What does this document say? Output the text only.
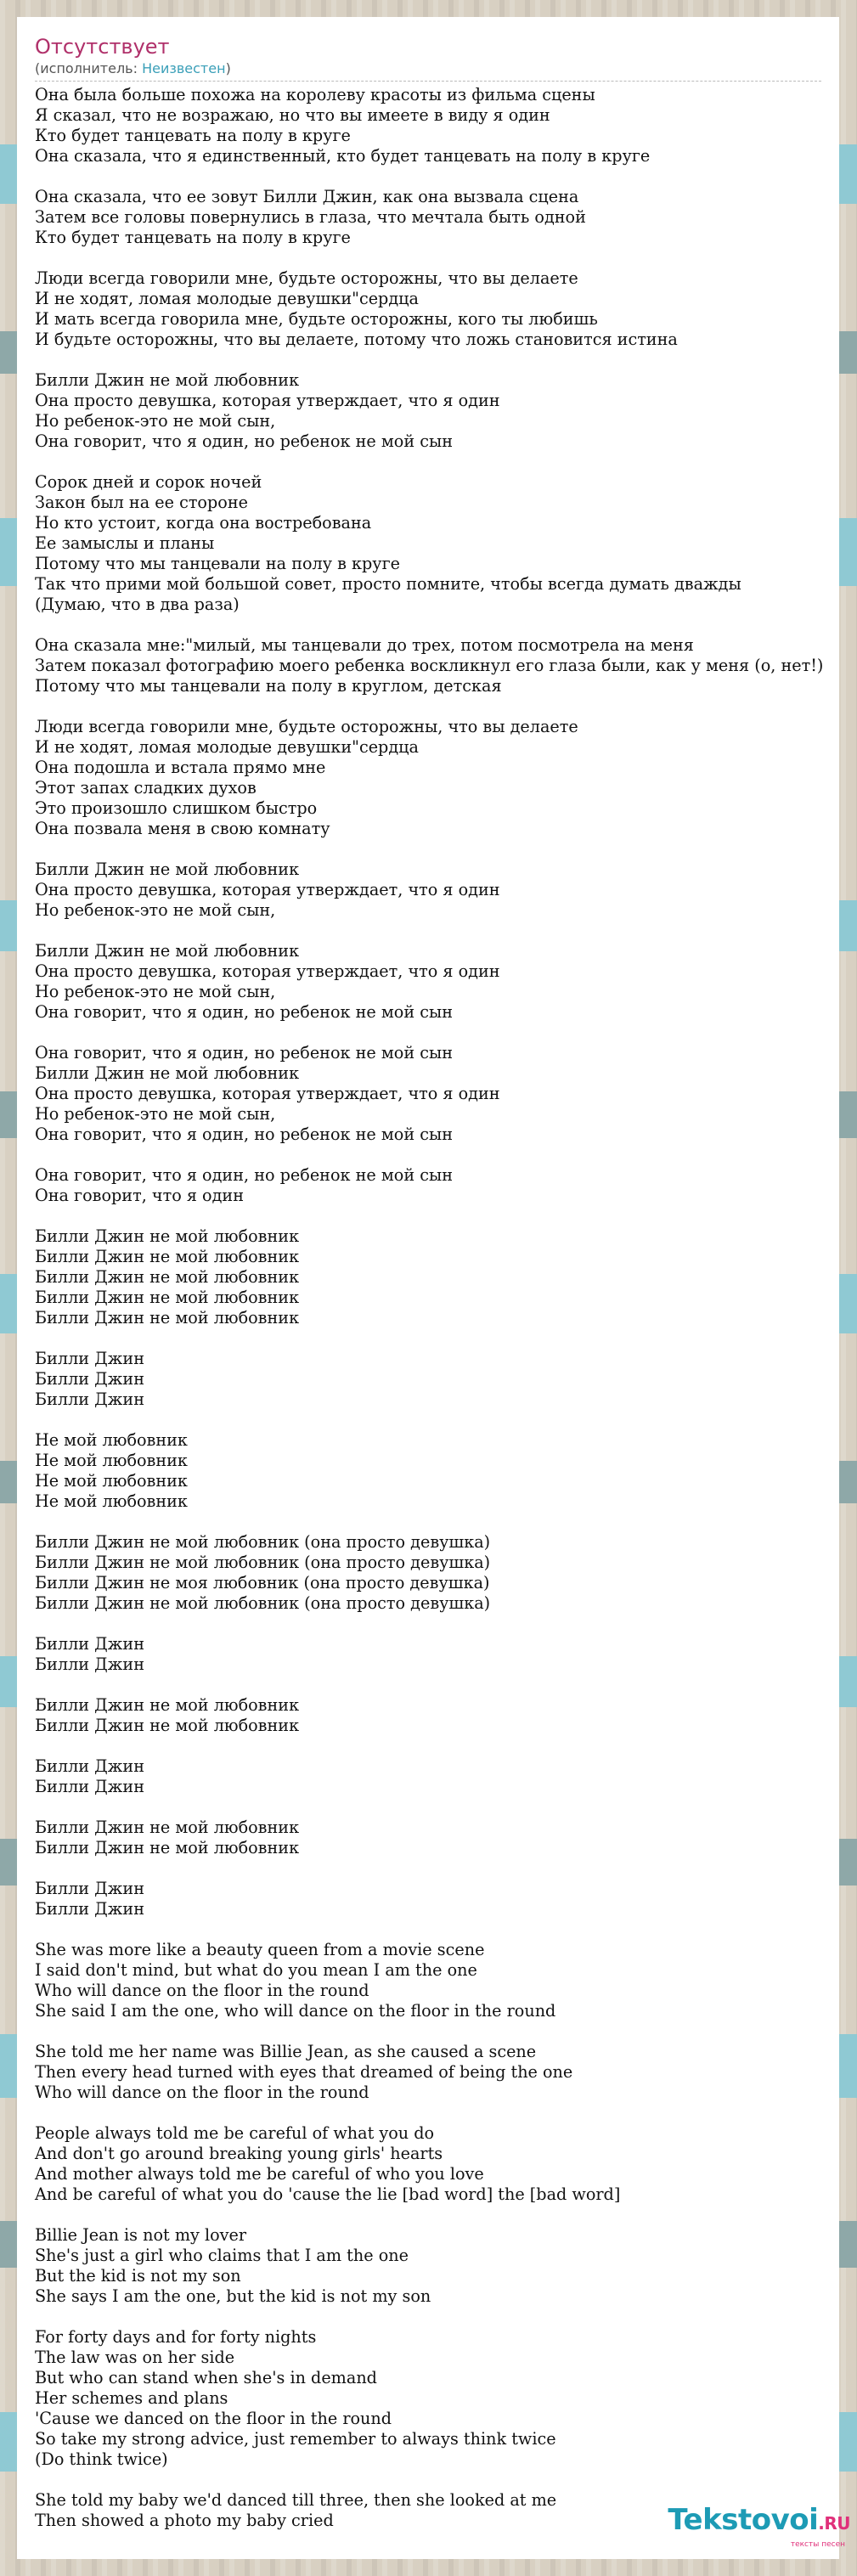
Отсутствует
(исполнитель: Неизвестен)
Она была больше похожа на королеву красоты из фильма сцены
Я сказал, что не возражаю, но что вы имеете в виду я один
Кто будет танцевать на полу в круге
Она сказала, что я единственный, кто будет танцевать на полу в круге
Она сказала, что ее зовут Билли Джин, как она вызвала сцена
Затем все головы повернулись в глаза, что мечтала быть одной
Кто будет танцевать на полу в круге
Люди всегда говорили мне, будьте осторожны, что вы делаете
И не ходят, ломая молодые девушки"сердца
И мать всегда говорила мне, будьте осторожны, кого ты любишь
И будьте осторожны, что вы делаете, потому что ложь становится истина
Билли Джин не мой любовник
Она просто девушка, которая утверждает, что я один
Но ребенок-это не мой сын,
Она говорит, что я один, но ребенок не мой сын
Сорок дней и сорок ночей
Закон был на ее стороне
Но кто устоит, когда она востребована
Ее замыслы и планы
Потому что мы танцевали на полу в круге
Так что прими мой большой совет, просто помните, чтобы всегда думать дважды
(Думаю, что в два раза)
Она сказала мне:"милый, мы танцевали до трех, потом посмотрела на меня
Затем показал фотографию моего ребенка воскликнул его глаза были, как у меня (о, нет!)
Потому что мы танцевали на полу в круглом, детская
Люди всегда говорили мне, будьте осторожны, что вы делаете
И не ходят, ломая молодые девушки"сердца
Она подошла и встала прямо мне
Этот запах сладких духов
Это произошло слишком быстро
Она позвала меня в свою комнату
Билли Джин не мой любовник
Она просто девушка, которая утверждает, что я один
Но ребенок-это не мой сын,
Билли Джин не мой любовник
Она просто девушка, которая утверждает, что я один
Но ребенок-это не мой сын,
Она говорит, что я один, но ребенок не мой сын
Она говорит, что я один, но ребенок не мой сын
Билли Джин не мой любовник
Она просто девушка, которая утверждает, что я один
Но ребенок-это не мой сын,
Она говорит, что я один, но ребенок не мой сын
Она говорит, что я один, но ребенок не мой сын
Она говорит, что я один
Билли Джин не мой любовник
Билли Джин не мой любовник
Билли Джин не мой любовник
Билли Джин не мой любовник
Билли Джин не мой любовник
Билли Джин
Билли Джин
Билли Джин
Не мой любовник
Не мой любовник
Не мой любовник
Не мой любовник
Билли Джин не мой любовник (она просто девушка)
Билли Джин не мой любовник (она просто девушка)
Билли Джин не моя любовник (она просто девушка)
Билли Джин не мой любовник (она просто девушка)
Билли Джин
Билли Джин
Билли Джин не мой любовник
Билли Джин не мой любовник
Билли Джин
Билли Джин
Билли Джин не мой любовник
Билли Джин не мой любовник
Билли Джин
Билли Джин
She was more like a beauty queen from a movie scene
I said don't mind, but what do you mean I am the one
Who will dance on the floor in the round
She said I am the one, who will dance on the floor in the round
She told me her name was Billie Jean, as she caused a scene
Then every head turned with eyes that dreamed of being the one
Who will dance on the floor in the round
People always told me be careful of what you do
And don't go around breaking young girls' hearts
And mother always told me be careful of who you love
And be careful of what you do 'cause the lie [bad word] the [bad word]
Billie Jean is not my lover
She's just a girl who claims that I am the one
But the kid is not my son
She says I am the one, but the kid is not my son
For forty days and for forty nights
The law was on her side
But who can stand when she's in demand
Her schemes and plans
'Cause we danced on the floor in the round
So take my strong advice, just remember to always think twice
(Do think twice)
She told my baby we'd danced till three, then she looked at me
Then showed a photo my baby cried	Tekstovoi.RU
тексты песен
